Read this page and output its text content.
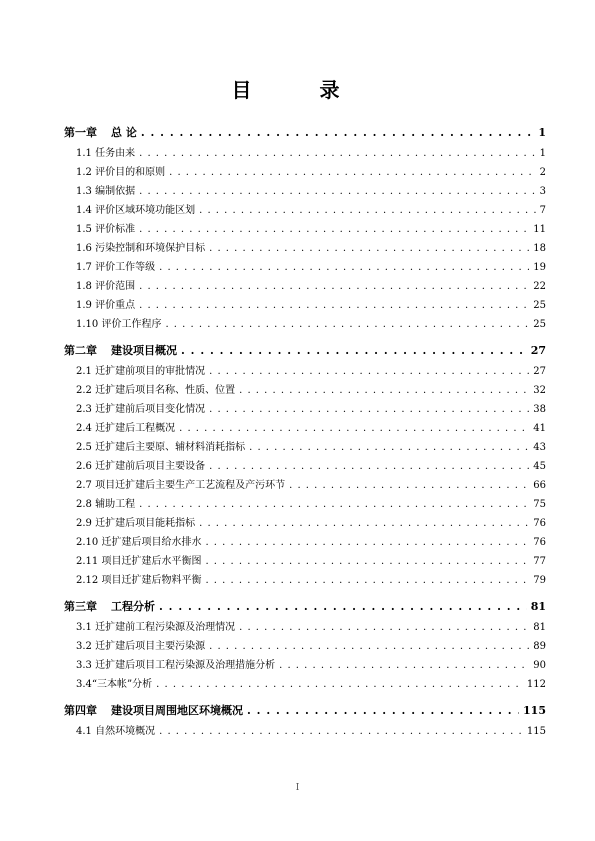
目　录
第一章 总 论 . . .	1
1.1 任务由来 . . .	1
1.2 评价目的和原则 . . .	2
1.3 编制依据 . . .	3
1.4 评价区域环境功能区划 . . .	7
1.5 评价标准 . . .	11
1.6 污染控制和环境保护目标 . . .	18
1.7 评价工作等级 . . .	19
1.8 评价范围 . . .	22
1.9 评价重点 . . .	25
1.10 评价工作程序 . . .	25
第二章 建设项目概况 . . .	27
2.1 迁扩建前项目的审批情况 . . .	27
2.2 迁扩建后项目名称、性质、位置 . . .	32
2.3 迁扩建前后项目变化情况 . . .	38
2.4 迁扩建后工程概况 . . .	41
2.5 迁扩建后主要原、辅材料消耗指标 . . .	43
2.6 迁扩建前后项目主要设备 . . .	45
2.7 项目迁扩建后主要生产工艺流程及产污环节 . . .	66
2.8 辅助工程 . . .	75
2.9 迁扩建后项目能耗指标 . . .	76
2.10 迁扩建后项目给水排水 . . .	76
2.11 项目迁扩建后水平衡图 . . .	77
2.12 项目迁扩建后物料平衡 . . .	79
第三章 工程分析 . . .	81
3.1 迁扩建前工程污染源及治理情况 . . .	81
3.2 迁扩建后项目主要污染源 . . .	89
3.3 迁扩建后项目工程污染源及治理措施分析 . . .	90
3.4“三本帐”分析 . . .	112
第四章 建设项目周围地区环境概况 . . .	115
4.1 自然环境概况 . . .	115
I
